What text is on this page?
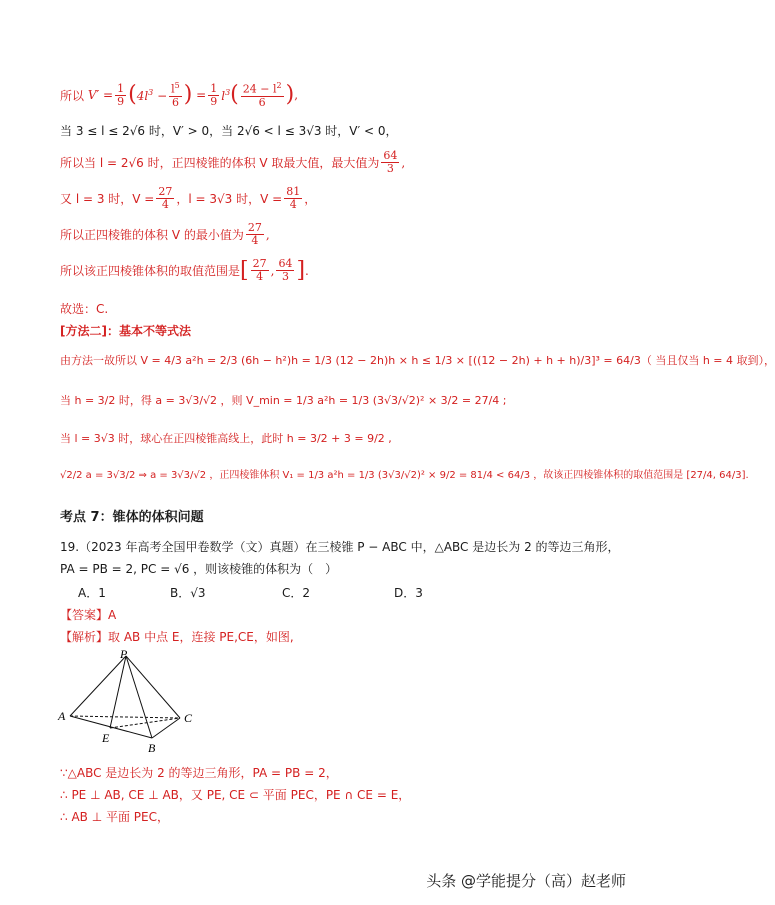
所以 $V' = \frac{1}{9}$ ( $4l^3 - \frac{l^5}{6}$ ) = $\frac{1}{9} l^3$ ( $\frac{24 - l^2}{6}$ ) ,
当 3 ≤ l ≤ 2√6 时，V′ > 0，当 2√6 < l ≤ 3√3 时，V′ < 0，
所以当 l = 2√6 时，正四棱锥的体积 V 取最大值，最大值为 $\frac{64}{3}$ ,
又 l = 3 时，$V = \frac{27}{4}$ ，l = 3√3 时，$V = \frac{81}{4}$ ，
所以正四棱锥的体积 V 的最小值为 $\frac{27}{4}$ ,
所以该正四棱锥体积的取值范围是 [ $\frac{27}{4}$ , $\frac{64}{3}$ ] .
故选：C.
[方法二]：基本不等式法
由方法一故所以 V = 4/3 a²h = 2/3 (6h − h²)h = 1/3 (12 − 2h)h × h ≤ 1/3 × [((12 − 2h) + h + h)/3]³ = 64/3（ 当且仅当 h = 4 取到），
当 h = 3/2 时，得 a = 3√3/√2 ，则 V_min = 1/3 a²h = 1/3 (3√3/√2)² × 3/2 = 27/4 ;
当 l = 3√3 时，球心在正四棱锥高线上，此时 h = 3/2 + 3 = 9/2 ,
√2/2 a = 3√3/2 ⇒ a = 3√3/√2 ，正四棱锥体积 V₁ = 1/3 a²h = 1/3 (3√3/√2)² × 9/2 = 81/4 < 64/3 ，故该正四棱锥体积的取值范围是 [27/4, 64/3].
考点 7：锥体的体积问题
19.（2023 年高考全国甲卷数学（文）真题）在三棱锥 P − ABC 中，△ABC 是边长为 2 的等边三角形，
PA = PB = 2, PC = √6 ，则该棱锥的体积为（　）
A．1	B．√3	C．2	D．3
【答案】A
【解析】 取 AB 中点 E，连接 PE,CE，如图,
P
A	C
E
B
∵△ABC 是边长为 2 的等边三角形，PA = PB = 2，
∴ PE ⊥ AB, CE ⊥ AB，又 PE, CE ⊂ 平面 PEC，PE ∩ CE = E，
∴ AB ⊥ 平面 PEC，
头条 @学能提分（高）赵老师
